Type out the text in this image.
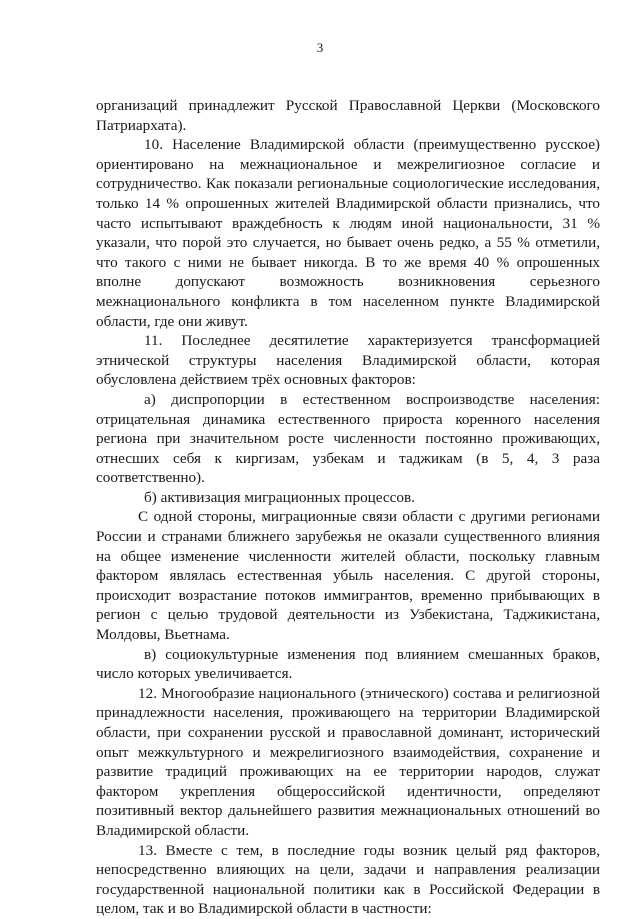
3
организаций принадлежит Русской Православной Церкви (Московского
Патриархата).
10. Население Владимирской области (преимущественно русское)
ориентировано на межнациональное и межрелигиозное согласие и
сотрудничество. Как показали региональные социологические исследования,
только 14 % опрошенных жителей Владимирской области признались, что
часто испытывают враждебность к людям иной национальности, 31 %
указали, что порой это случается, но бывает очень редко, а 55 % отметили,
что такого с ними не бывает никогда. В то же время 40 % опрошенных
вполне допускают возможность возникновения серьезного
межнационального конфликта в том населенном пункте Владимирской
области, где они живут.
11. Последнее десятилетие характеризуется трансформацией
этнической структуры населения Владимирской области, которая
обусловлена действием трёх основных факторов:
а) диспропорции в естественном воспроизводстве населения:
отрицательная динамика естественного прироста коренного населения
региона при значительном росте численности постоянно проживающих,
отнесших себя к киргизам, узбекам и таджикам (в 5, 4, 3 раза
соответственно).
б) активизация миграционных процессов.
С одной стороны, миграционные связи области с другими регионами
России и странами ближнего зарубежья не оказали существенного влияния
на общее изменение численности жителей области, поскольку главным
фактором являлась естественная убыль населения. С другой стороны,
происходит возрастание потоков иммигрантов, временно прибывающих в
регион с целью трудовой деятельности из Узбекистана, Таджикистана,
Молдовы, Вьетнама.
в) социокультурные изменения под влиянием смешанных браков,
число которых увеличивается.
12. Многообразие национального (этнического) состава и религиозной
принадлежности населения, проживающего на территории Владимирской
области, при сохранении русской и православной доминант, исторический
опыт межкультурного и межрелигиозного взаимодействия, сохранение и
развитие традиций проживающих на ее территории народов, служат
фактором укрепления общероссийской идентичности, определяют
позитивный вектор дальнейшего развития межнациональных отношений во
Владимирской области.
13. Вместе с тем, в последние годы возник целый ряд факторов,
непосредственно влияющих на цели, задачи и направления реализации
государственной национальной политики как в Российской Федерации в
целом, так и во Владимирской области в частности:
